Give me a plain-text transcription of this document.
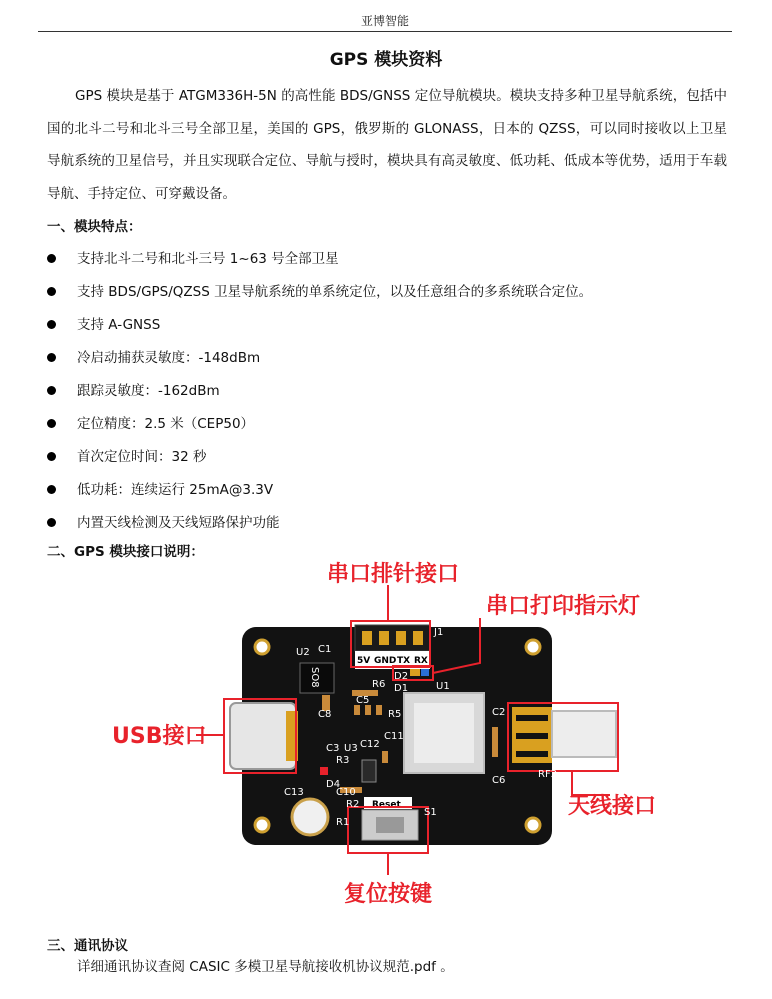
亚博智能
GPS 模块资料

GPS 模块是基于 ATGM336H-5N 的高性能 BDS/GNSS 定位导航模块。模块支持多种卫星导航系统，包括中国的北斗二号和北斗三号全部卫星，美国的 GPS，俄罗斯的 GLONASS，日本的 QZSS，可以同时接收以上卫星导航系统的卫星信号，并且实现联合定位、导航与授时，模块具有高灵敏度、低功耗、低成本等优势，适用于车载导航、手持定位、可穿戴设备。

一、模块特点：
支持北斗二号和北斗三号 1~63 号全部卫星
支持 BDS/GPS/QZSS 卫星导航系统的单系统定位，以及任意组合的多系统联合定位。
支持 A-GNSS
冷启动捕获灵敏度：-148dBm
跟踪灵敏度：-162dBm
定位精度：2.5 米（CEP50）
首次定位时间：32 秒
低功耗：连续运行 25mA@3.3V
内置天线检测及天线短路保护功能
二、GPS 模块接口说明：
5V GND TX RX
SO8
Reset
U2 C1
U1
C5
C8
R6
R5
C11
C12
U3
C3
R3
D4
C13	C10
R2
R1
S1
C2
C6
RF2
D2
D1
J1
串口排针接口
串口打印指示灯
USB接口
天线接口
复位按键
三、通讯协议
详细通讯协议查阅 CASIC 多模卫星导航接收机协议规范.pdf 。
